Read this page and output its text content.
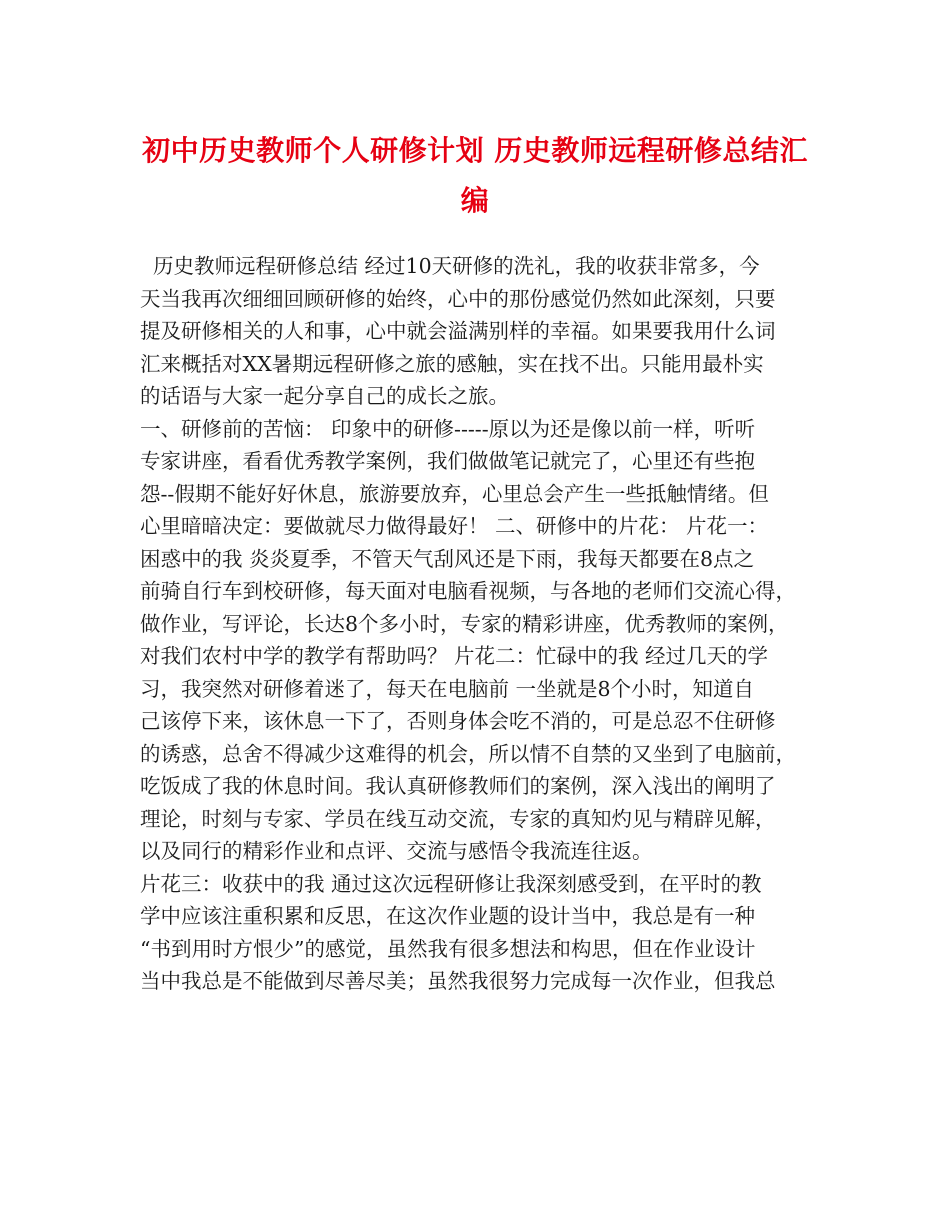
初中历史教师个人研修计划 历史教师远程研修总结汇
编
历史教师远程研修总结 经过10天研修的洗礼，我的收获非常多，今
天当我再次细细回顾研修的始终，心中的那份感觉仍然如此深刻，只要
提及研修相关的人和事，心中就会溢满别样的幸福。如果要我用什么词
汇来概括对XX暑期远程研修之旅的感触，实在找不出。只能用最朴实
的话语与大家一起分享自己的成长之旅。
一、研修前的苦恼： 印象中的研修-----原以为还是像以前一样，听听
专家讲座，看看优秀教学案例，我们做做笔记就完了，心里还有些抱
怨--假期不能好好休息，旅游要放弃，心里总会产生一些抵触情绪。但
心里暗暗决定：要做就尽力做得最好！ 二、研修中的片花： 片花一：
困惑中的我 炎炎夏季，不管天气刮风还是下雨，我每天都要在8点之
前骑自行车到校研修，每天面对电脑看视频，与各地的老师们交流心得，
做作业，写评论，长达8个多小时，专家的精彩讲座，优秀教师的案例，
对我们农村中学的教学有帮助吗？ 片花二：忙碌中的我 经过几天的学
习，我突然对研修着迷了，每天在电脑前 一坐就是8个小时，知道自
己该停下来，该休息一下了，否则身体会吃不消的，可是总忍不住研修
的诱惑，总舍不得减少这难得的机会，所以情不自禁的又坐到了电脑前，
吃饭成了我的休息时间。我认真研修教师们的案例，深入浅出的阐明了
理论，时刻与专家、学员在线互动交流，专家的真知灼见与精辟见解，
以及同行的精彩作业和点评、交流与感悟令我流连往返。
片花三：收获中的我 通过这次远程研修让我深刻感受到，在平时的教
学中应该注重积累和反思，在这次作业题的设计当中，我总是有一种
“书到用时方恨少”的感觉，虽然我有很多想法和构思，但在作业设计
当中我总是不能做到尽善尽美；虽然我很努力完成每一次作业，但我总
